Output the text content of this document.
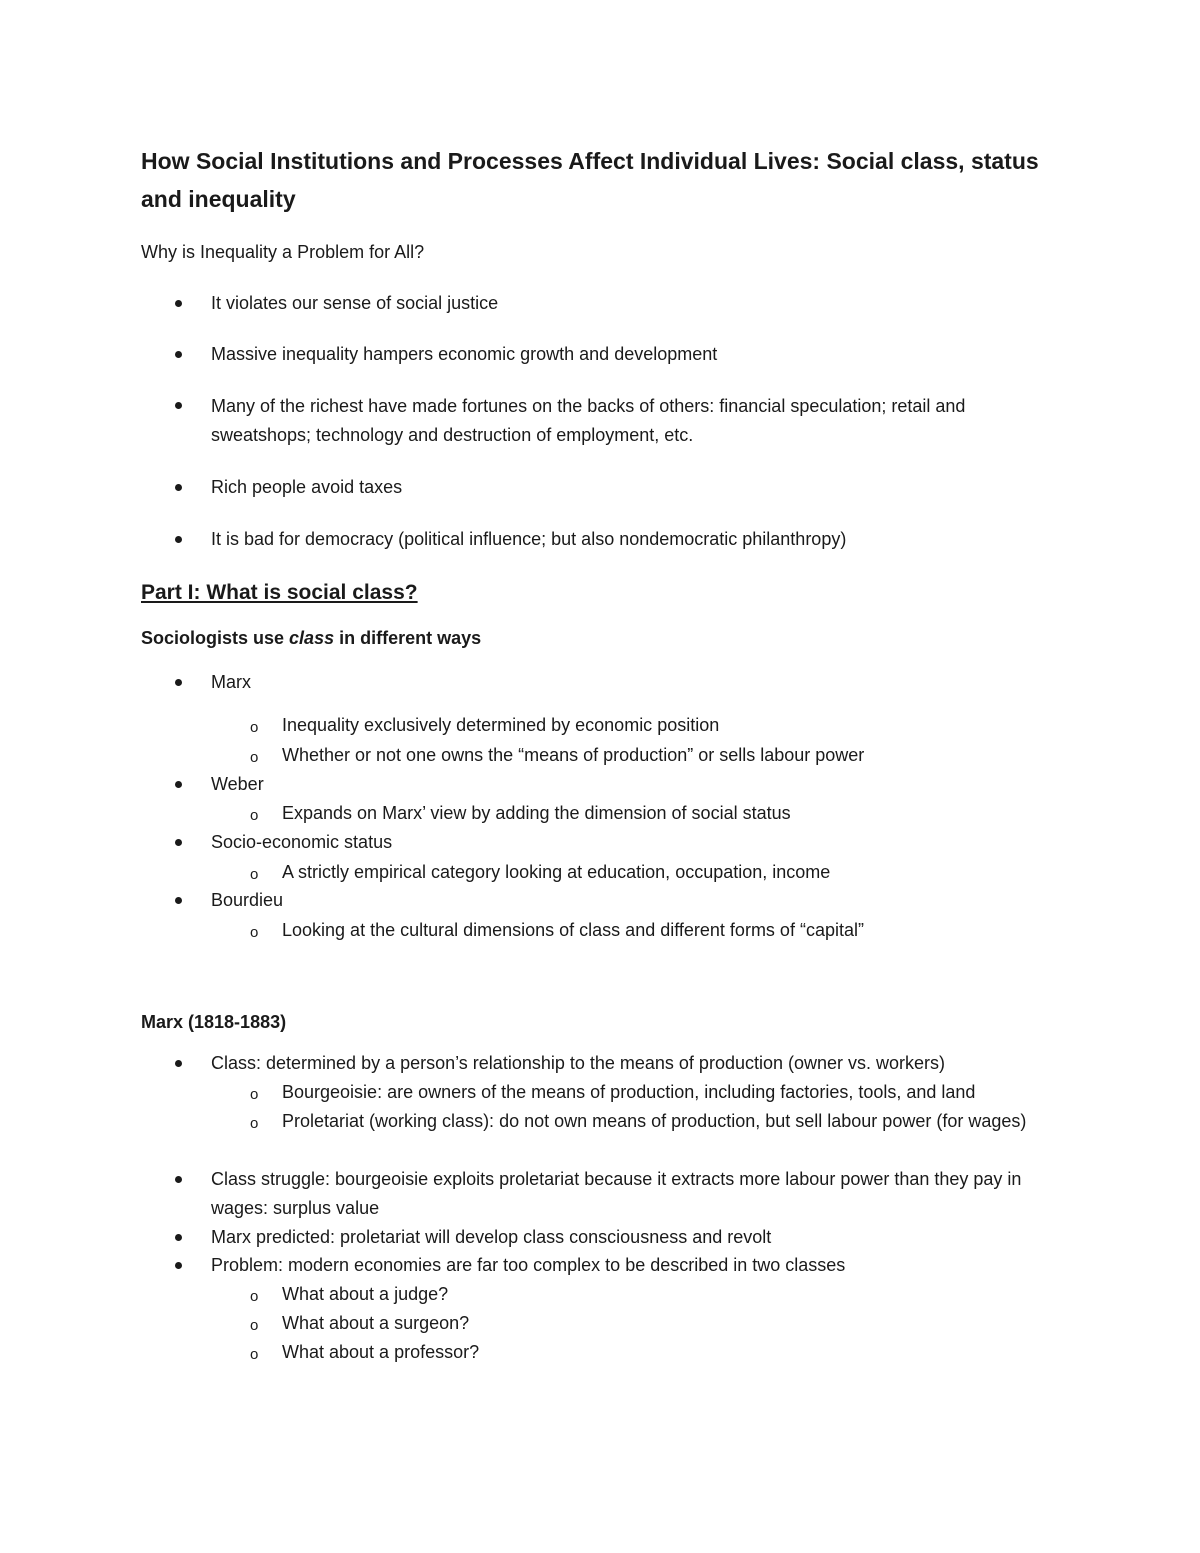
How Social Institutions and Processes Affect Individual Lives: Social class, status and inequality

Why is Inequality a Problem for All?

It violates our sense of social justice

Massive inequality hampers economic growth and development

Many of the richest have made fortunes on the backs of others: financial speculation; retail and sweatshops; technology and destruction of employment, etc.

Rich people avoid taxes

It is bad for democracy (political influence; but also nondemocratic philanthropy)

Part I: What is social class?

Sociologists use class in different ways

Marx

o Inequality exclusively determined by economic position

o Whether or not one owns the “means of production” or sells labour power

Weber

o Expands on Marx’ view by adding the dimension of social status

Socio-economic status

o A strictly empirical category looking at education, occupation, income

Bourdieu

o Looking at the cultural dimensions of class and different forms of “capital”

Marx (1818-1883)

Class: determined by a person’s relationship to the means of production (owner vs. workers)

o Bourgeoisie: are owners of the means of production, including factories, tools, and land

o Proletariat (working class): do not own means of production, but sell labour power (for wages)

Class struggle: bourgeoisie exploits proletariat because it extracts more labour power than they pay in wages: surplus value

Marx predicted: proletariat will develop class consciousness and revolt

Problem: modern economies are far too complex to be described in two classes

o What about a judge?

o What about a surgeon?

o What about a professor?
